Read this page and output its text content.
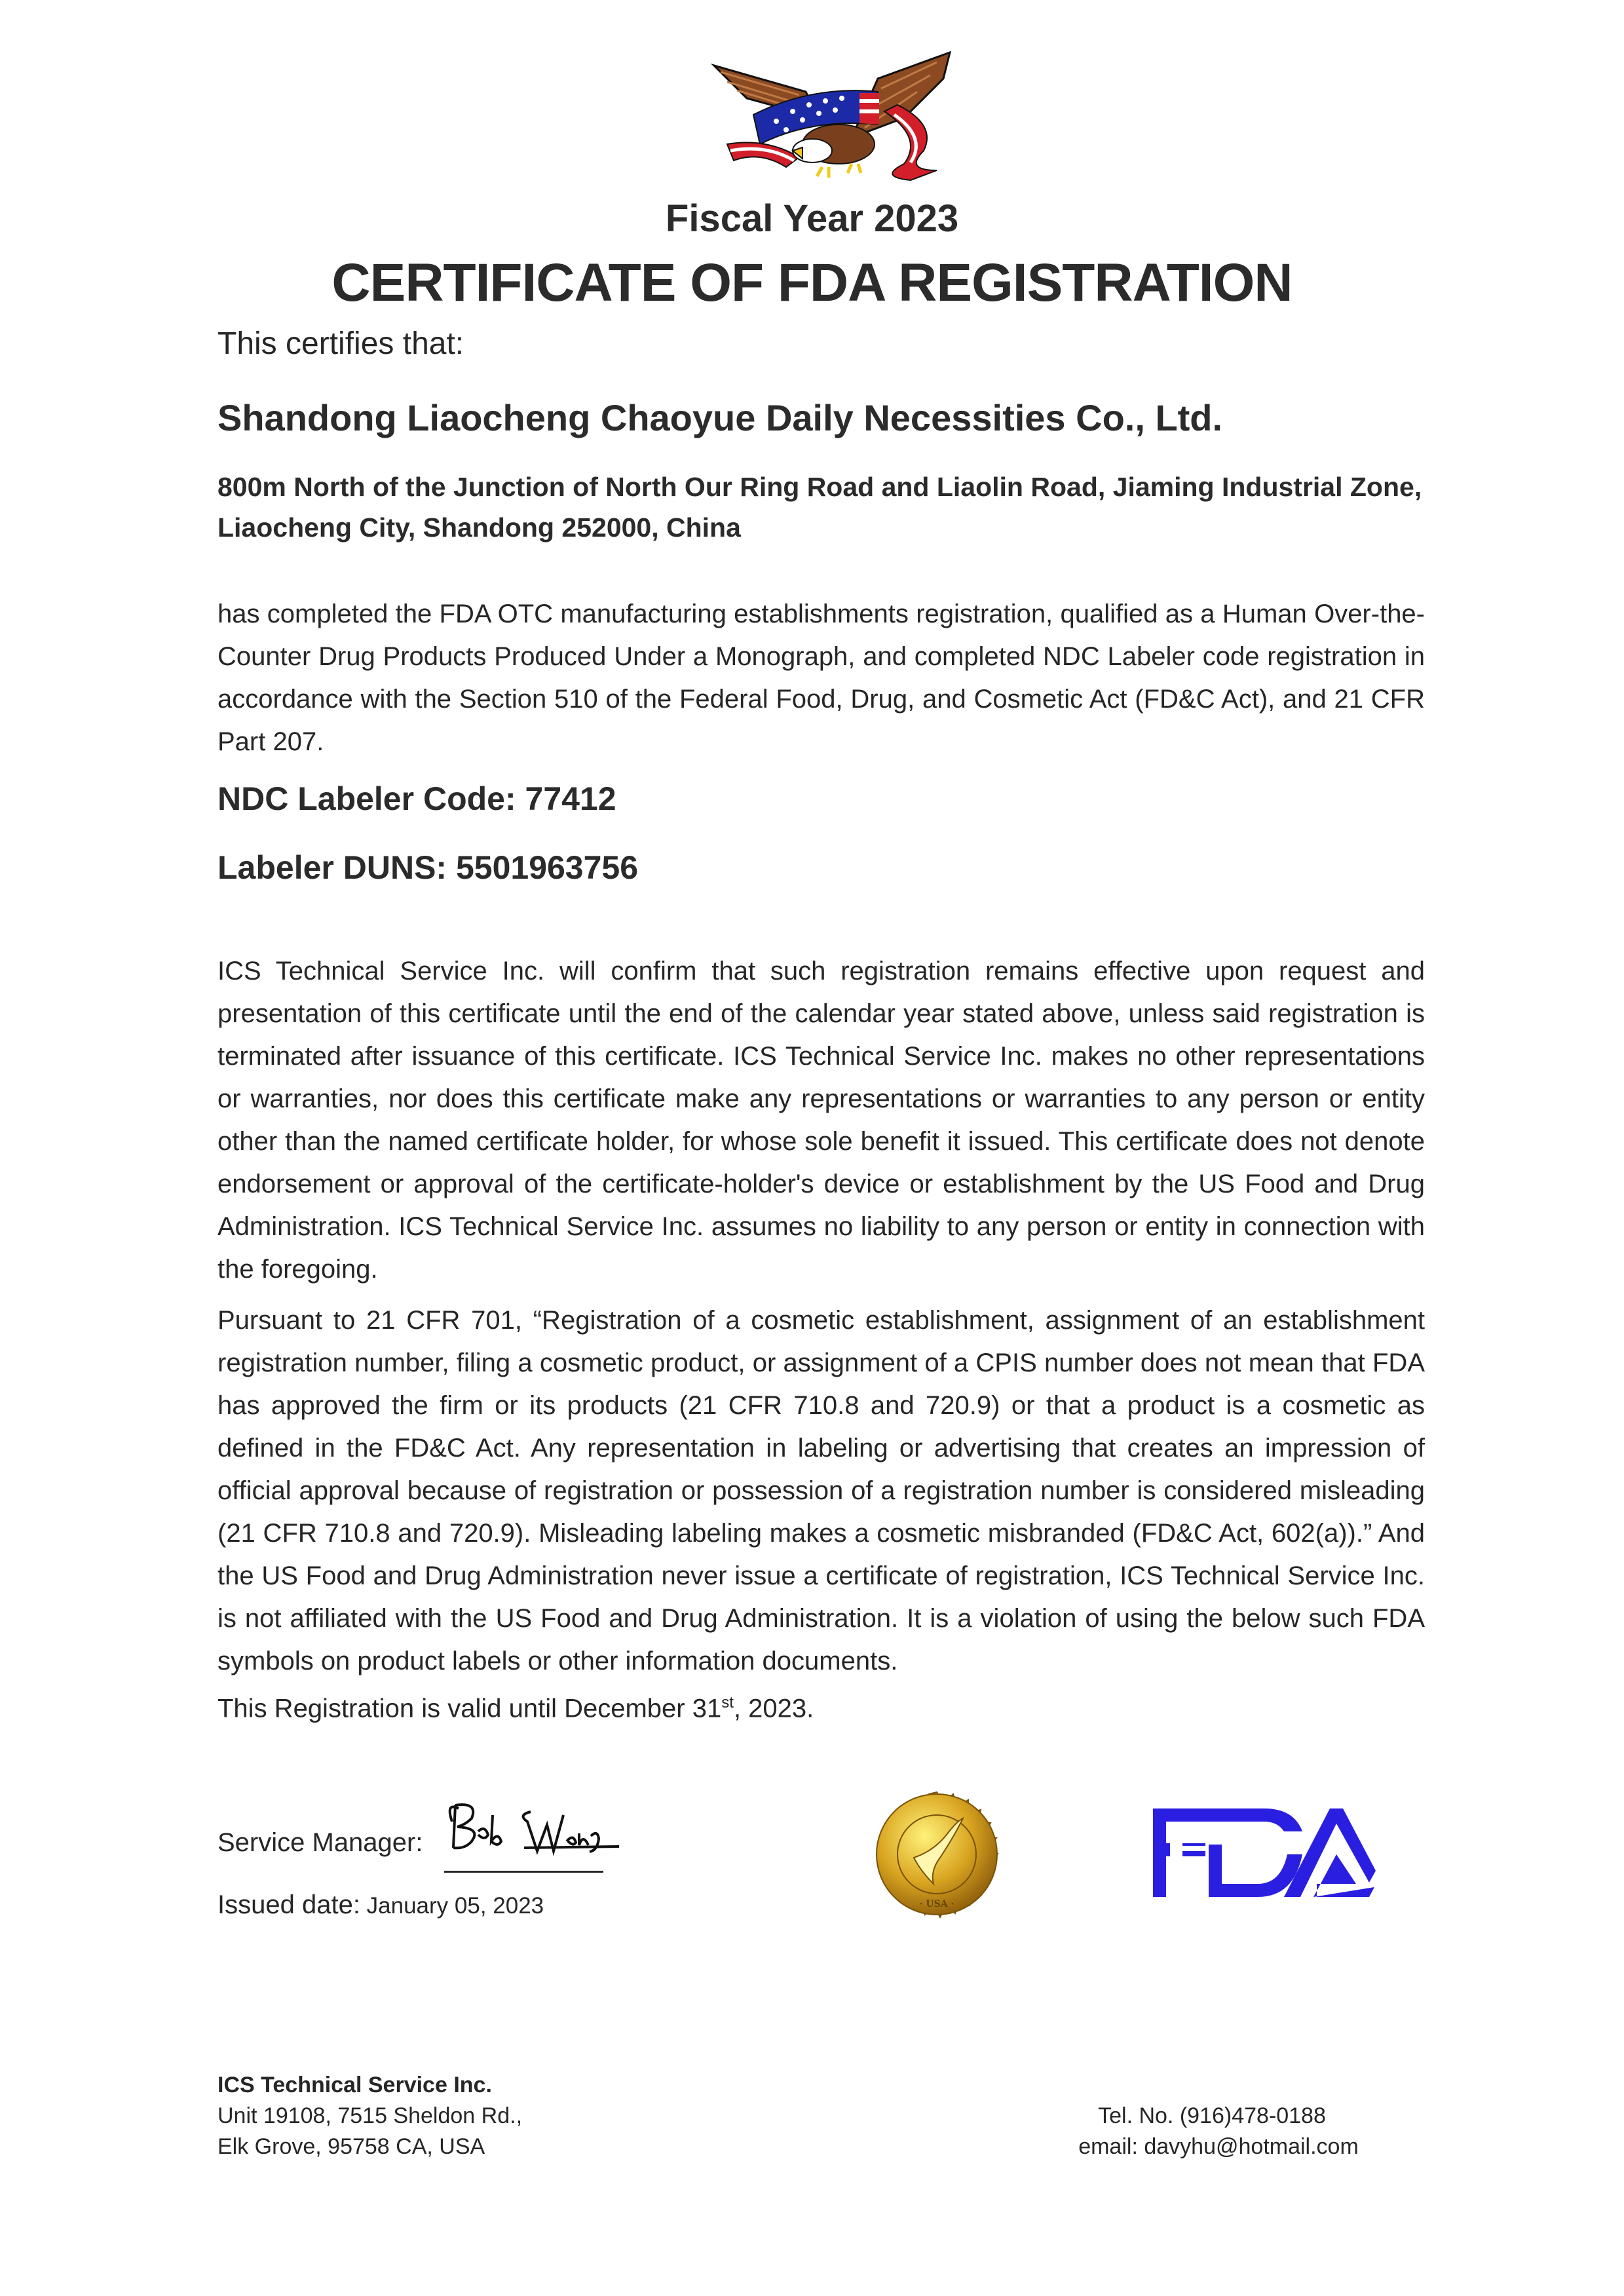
Fiscal Year 2023
CERTIFICATE OF FDA REGISTRATION
This certifies that:
Shandong Liaocheng Chaoyue Daily Necessities Co., Ltd.
800m North of the Junction of North Our Ring Road and Liaolin Road, Jiaming Industrial Zone, Liaocheng City, Shandong 252000, China
has completed the FDA OTC manufacturing establishments registration, qualified as a Human Over-the-Counter Drug Products Produced Under a Monograph, and completed NDC Labeler code registration in accordance with the Section 510 of the Federal Food, Drug, and Cosmetic Act (FD&C Act), and 21 CFR Part 207.
NDC Labeler Code: 77412
Labeler DUNS: 5501963756
ICS Technical Service Inc. will confirm that such registration remains effective upon request and presentation of this certificate until the end of the calendar year stated above, unless said registration is terminated after issuance of this certificate. ICS Technical Service Inc. makes no other representations or warranties, nor does this certificate make any representations or warranties to any person or entity other than the named certificate holder, for whose sole benefit it issued. This certificate does not denote endorsement or approval of the certificate-holder's device or establishment by the US Food and Drug Administration. ICS Technical Service Inc. assumes no liability to any person or entity in connection with the foregoing.
Pursuant to 21 CFR 701, “Registration of a cosmetic establishment, assignment of an establishment registration number, filing a cosmetic product, or assignment of a CPIS number does not mean that FDA has approved the firm or its products (21 CFR 710.8 and 720.9) or that a product is a cosmetic as defined in the FD&C Act. Any representation in labeling or advertising that creates an impression of official approval because of registration or possession of a registration number is considered misleading (21 CFR 710.8 and 720.9). Misleading labeling makes a cosmetic misbranded (FD&C Act, 602(a)).” And the US Food and Drug Administration never issue a certificate of registration, ICS Technical Service Inc. is not affiliated with the US Food and Drug Administration. It is a violation of using the below such FDA symbols on product labels or other information documents.
This Registration is valid until December 31st, 2023.
Service Manager:
Issued date: January 05, 2023	· USA ·
ICS Technical Service Inc.
Unit 19108, 7515 Sheldon Rd.,
Elk Grove, 95758 CA, USA
Tel. No. (916)478-0188
email: davyhu@hotmail.com
